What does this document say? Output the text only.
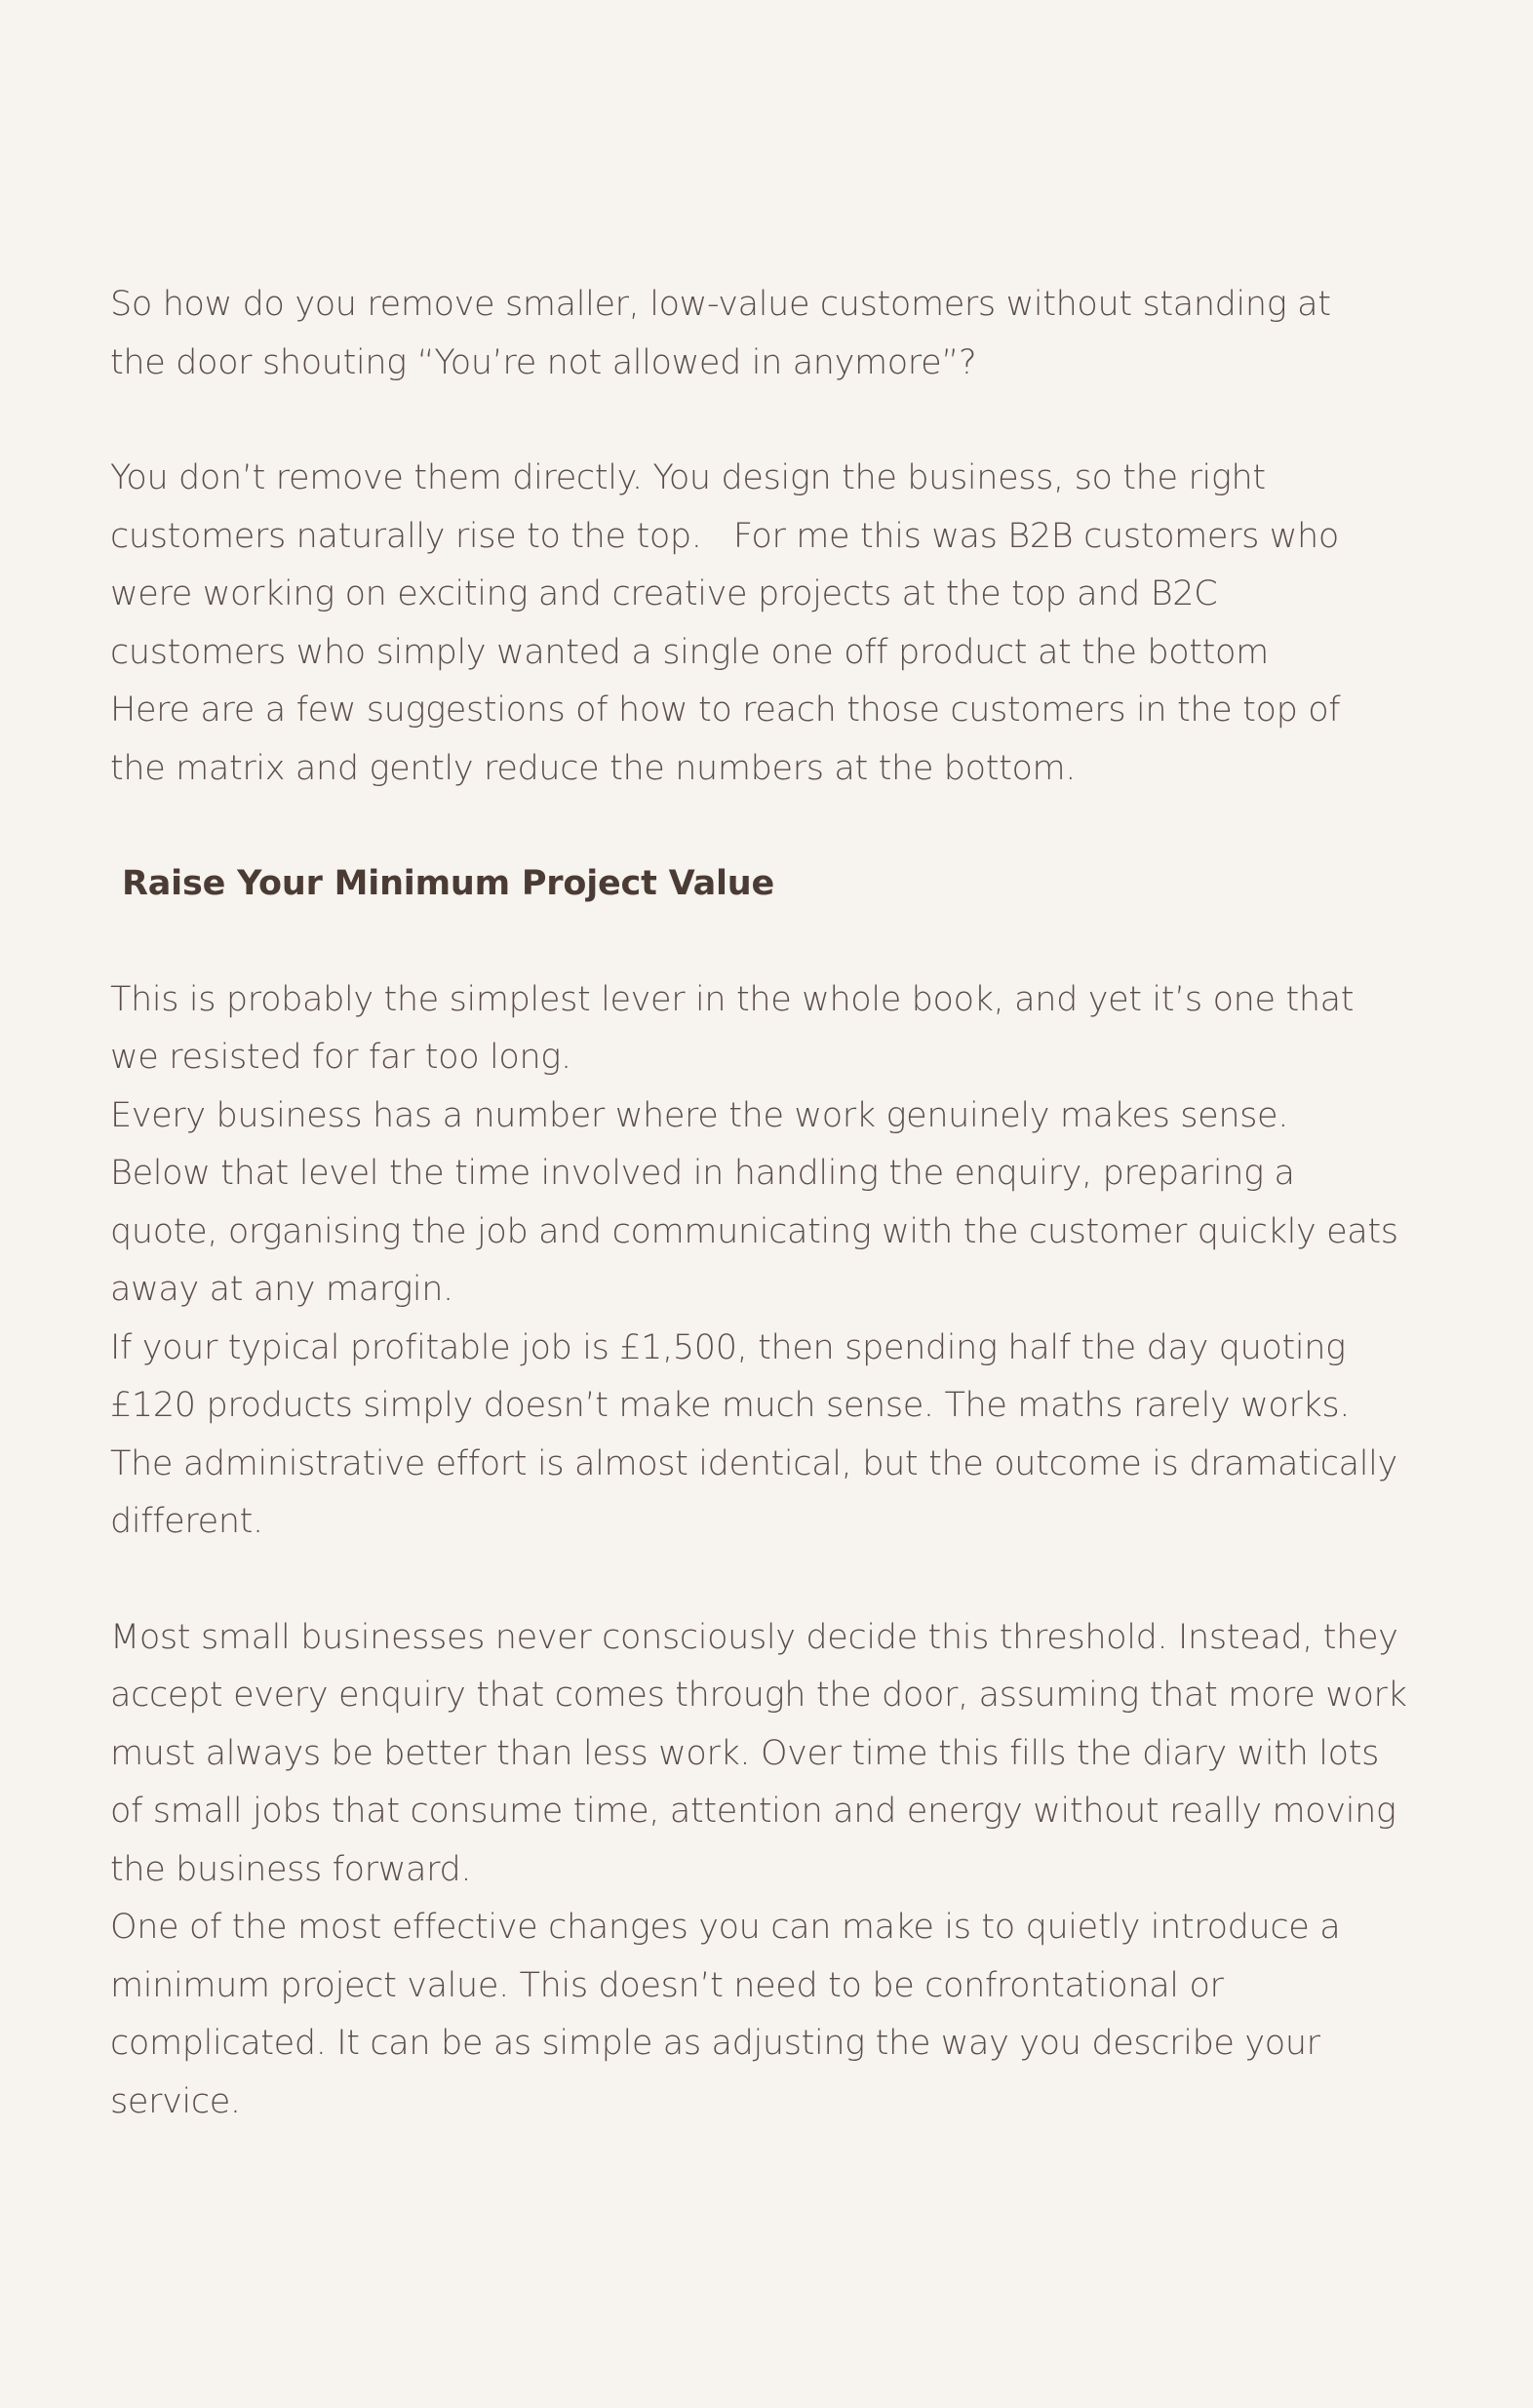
So how do you remove smaller, low-value customers without standing at
the door shouting “You’re not allowed in anymore”?
You don’t remove them directly. You design the business, so the right
customers naturally rise to the top.   For me this was B2B customers who
were working on exciting and creative projects at the top and B2C
customers who simply wanted a single one off product at the bottom
Here are a few suggestions of how to reach those customers in the top of
the matrix and gently reduce the numbers at the bottom.
Raise Your Minimum Project Value
This is probably the simplest lever in the whole book, and yet it’s one that
we resisted for far too long.
Every business has a number where the work genuinely makes sense.
Below that level the time involved in handling the enquiry, preparing a
quote, organising the job and communicating with the customer quickly eats
away at any margin.
If your typical profitable job is £1,500, then spending half the day quoting
£120 products simply doesn’t make much sense. The maths rarely works.
The administrative effort is almost identical, but the outcome is dramatically
different.
Most small businesses never consciously decide this threshold. Instead, they
accept every enquiry that comes through the door, assuming that more work
must always be better than less work. Over time this fills the diary with lots
of small jobs that consume time, attention and energy without really moving
the business forward.
One of the most effective changes you can make is to quietly introduce a
minimum project value. This doesn’t need to be confrontational or
complicated. It can be as simple as adjusting the way you describe your
service.
